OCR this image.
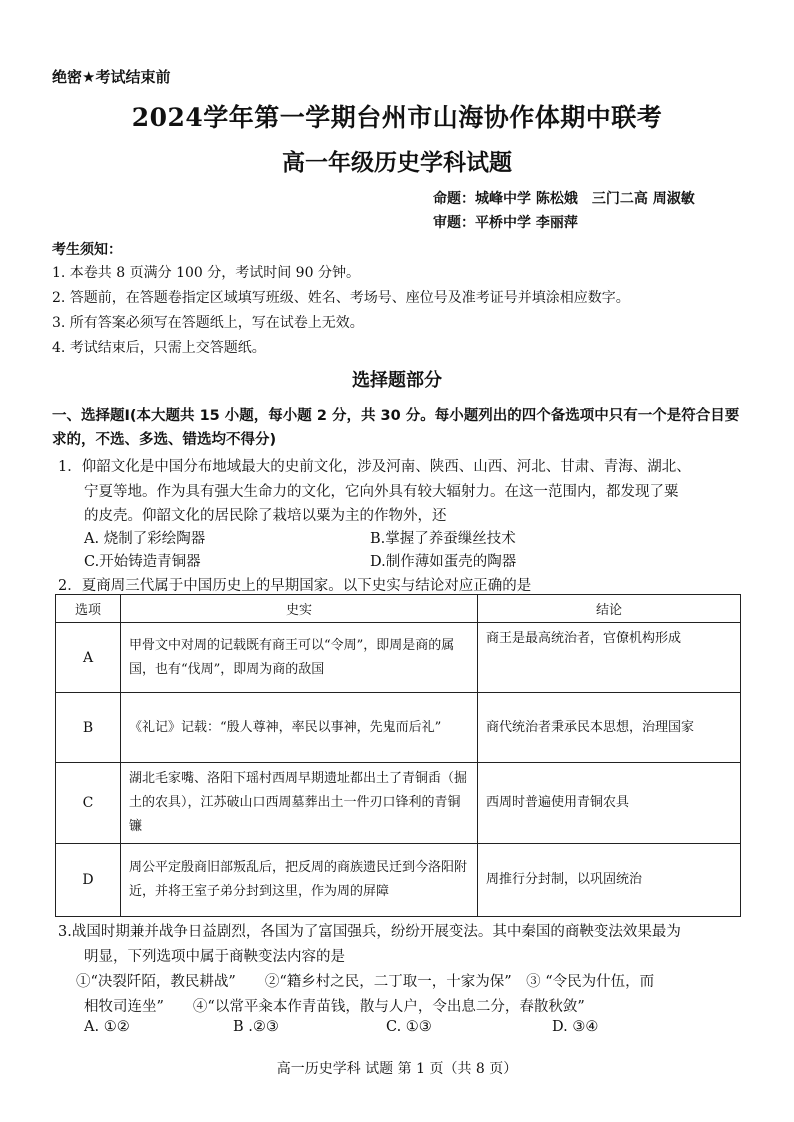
绝密★考试结束前
2024学年第一学期台州市山海协作体期中联考
高一年级历史学科试题
命题：城峰中学 陈松娥　三门二高 周淑敏
审题：平桥中学 李丽萍
考生须知：
1. 本卷共 8 页满分 100 分，考试时间 90 分钟。
2. 答题前，在答题卷指定区域填写班级、姓名、考场号、座位号及准考证号并填涂相应数字。
3. 所有答案必须写在答题纸上，写在试卷上无效。
4. 考试结束后，只需上交答题纸。
选择题部分
一、选择题Ⅰ(本大题共 15 小题，每小题 2 分，共 30 分。每小题列出的四个备选项中只有一个是符合目要求的，不选、多选、错选均不得分)
1．仰韶文化是中国分布地域最大的史前文化，涉及河南、陕西、山西、河北、甘肃、青海、湖北、
宁夏等地。作为具有强大生命力的文化，它向外具有较大辐射力。在这一范围内，都发现了粟
的皮壳。仰韶文化的居民除了栽培以粟为主的作物外，还
A. 烧制了彩绘陶器	B.掌握了养蚕缫丝技术
C.开始铸造青铜器	D.制作薄如蛋壳的陶器
2．夏商周三代属于中国历史上的早期国家。以下史实与结论对应正确的是
选项	史实	结论
A	甲骨文中对周的记载既有商王可以“令周”，即周是商的属国，也有“伐周”，即周为商的敌国	商王是最高统治者，官僚机构形成
B	《礼记》记载：“殷人尊神，率民以事神，先鬼而后礼”	商代统治者秉承民本思想，治理国家
C	湖北毛家嘴、洛阳下瑶村西周早期遗址都出土了青铜臿（掘土的农具），江苏破山口西周墓葬出土一件刃口锋利的青铜镰	西周时普遍使用青铜农具
D	周公平定殷商旧部叛乱后，把反周的商族遗民迁到今洛阳附近，并将王室子弟分封到这里，作为周的屏障	周推行分封制，以巩固统治
3.战国时期兼并战争日益剧烈，各国为了富国强兵，纷纷开展变法。其中秦国的商鞅变法效果最为
明显，下列选项中属于商鞅变法内容的是
①“决裂阡陌，教民耕战”　　②“籍乡村之民，二丁取一，十家为保”　③ “令民为什伍，而
相牧司连坐”　　④“以常平籴本作青苗钱，散与人户，令出息二分，春散秋敛”
A. ①②	B .②③	C. ①③	D. ③④
高一历史学科 试题 第 1 页（共 8 页）
